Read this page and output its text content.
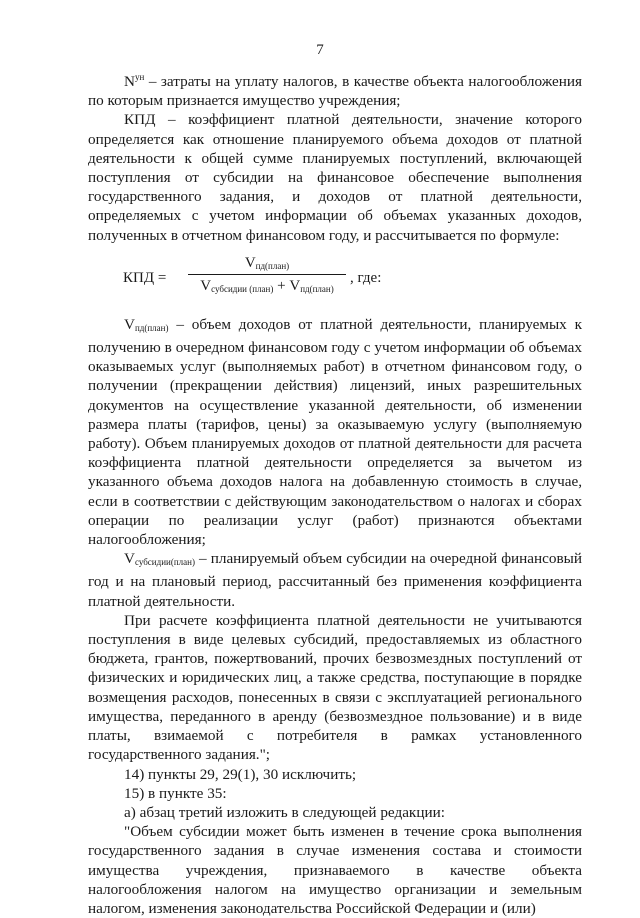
7

$N^{ун}$ – затраты на уплату налогов, в качестве объекта налогообложения по которым признается имущество учреждения;

КПД – коэффициент платной деятельности, значение которого определяется как отношение планируемого объема доходов от платной деятельности к общей сумме планируемых поступлений, включающей поступления от субсидии на финансовое обеспечение выполнения государственного задания, и доходов от платной деятельности, определяемых с учетом информации об объемах указанных доходов, полученных в отчетном финансовом году, и рассчитывается по формуле:

КПД =
$V_{пд(план)}$
$V_{субсидии (план)} + V_{пд(план)}$
, где:

$V_{пд(план)}$ – объем доходов от платной деятельности, планируемых к получению в очередном финансовом году с учетом информации об объемах оказываемых услуг (выполняемых работ) в отчетном финансовом году, о получении (прекращении действия) лицензий, иных разрешительных документов на осуществление указанной деятельности, об изменении размера платы (тарифов, цены) за оказываемую услугу (выполняемую работу). Объем планируемых доходов от платной деятельности для расчета коэффициента платной деятельности определяется за вычетом из указанного объема доходов налога на добавленную стоимость в случае, если в соответствии с действующим законодательством о налогах и сборах операции по реализации услуг (работ) признаются объектами налогообложения;

$V_{субсидии(план)}$ – планируемый объем субсидии на очередной финансовый год и на плановый период, рассчитанный без применения коэффициента платной деятельности.

При расчете коэффициента платной деятельности не учитываются поступления в виде целевых субсидий, предоставляемых из областного бюджета, грантов, пожертвований, прочих безвозмездных поступлений от физических и юридических лиц, а также средства, поступающие в порядке возмещения расходов, понесенных в связи с эксплуатацией регионального имущества, переданного в аренду (безвозмездное пользование) и в виде платы, взимаемой с потребителя в рамках установленного государственного задания.";

14) пункты 29, 29(1), 30 исключить;

15) в пункте 35:

а) абзац третий изложить в следующей редакции:

"Объем субсидии может быть изменен в течение срока выполнения государственного задания в случае изменения состава и стоимости имущества учреждения, признаваемого в качестве объекта налогообложения налогом на имущество организации и земельным налогом, изменения законодательства Российской Федерации и (или)
